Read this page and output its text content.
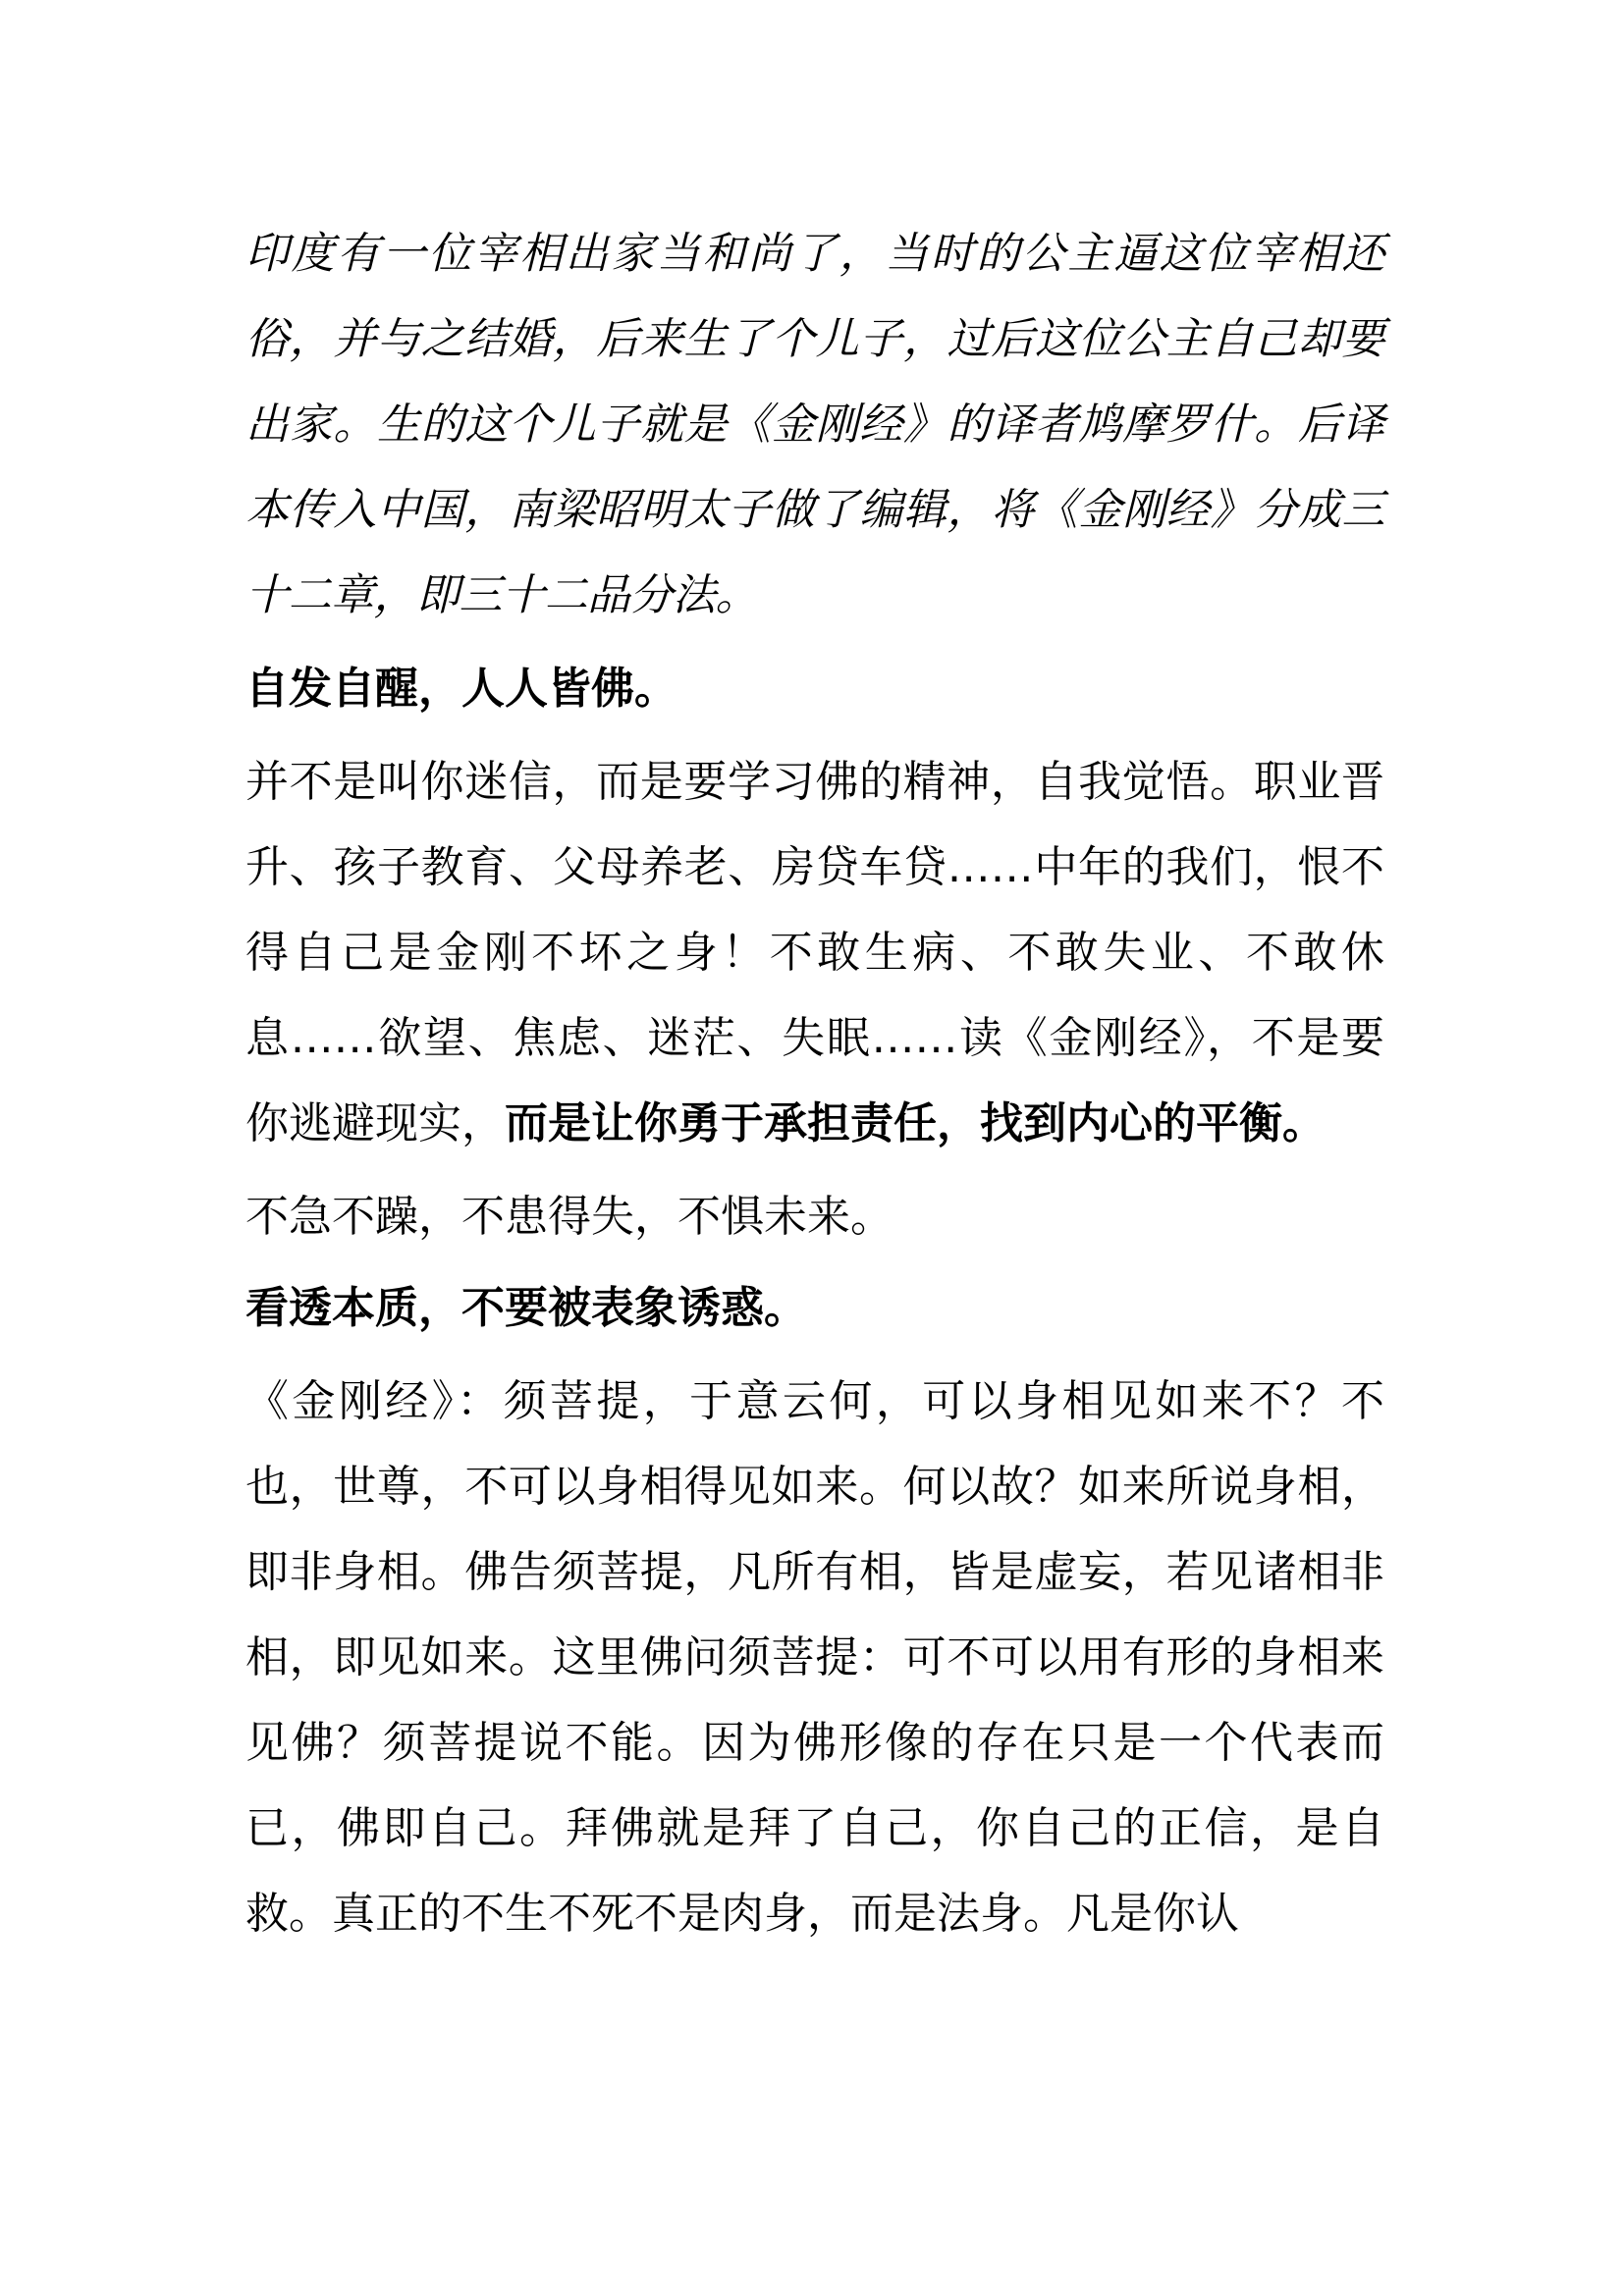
印度有一位宰相出家当和尚了，当时的公主逼这位宰相还俗，并与之结婚，后来生了个儿子，过后这位公主自己却要出家。生的这个儿子就是《金刚经》的译者鸠摩罗什。后译本传入中国，南梁昭明太子做了编辑，将《金刚经》分成三十二章，即三十二品分法。

自发自醒，人人皆佛。

并不是叫你迷信，而是要学习佛的精神，自我觉悟。职业晋升、孩子教育、父母养老、房贷车贷……中年的我们，恨不得自己是金刚不坏之身！不敢生病、不敢失业、不敢休息……欲望、焦虑、迷茫、失眠……读《金刚经》，不是要你逃避现实，而是让你勇于承担责任，找到内心的平衡。

不急不躁，不患得失，不惧未来。

看透本质，不要被表象诱惑。

《金刚经》：须菩提，于意云何，可以身相见如来不？不也，世尊，不可以身相得见如来。何以故？如来所说身相，即非身相。佛告须菩提，凡所有相，皆是虚妄，若见诸相非相，即见如来。这里佛问须菩提：可不可以用有形的身相来见佛？须菩提说不能。因为佛形像的存在只是一个代表而已，佛即自己。拜佛就是拜了自己，你自己的正信，是自救。真正的不生不死不是肉身，而是法身。凡是你认
